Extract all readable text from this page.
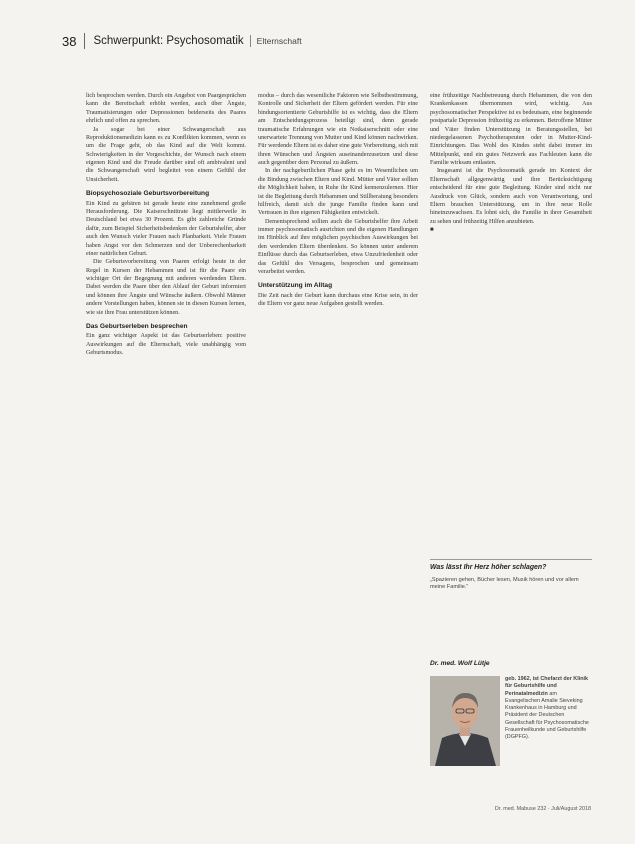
38 Schwerpunkt: Psychosomatik Elternschaft

lich besprochen werden. Durch ein Angebot von Paargesprächen kann die Bereitschaft erhöht werden, auch über Ängste, Traumatisierungen oder Depressionen beiderseits des Paares ehrlich und offen zu sprechen.

Ja sogar bei einer Schwangerschaft aus Reproduktionsmedizin kann es zu Konflikten kommen, wenn es um die Frage geht, ob das Kind auf die Welt kommt. Schwierigkeiten in der Vorgeschichte, der Wunsch nach einem eigenen Kind und die Freude darüber sind oft ambivalent und die Schwangerschaft wird begleitet von einem Gefühl der Unsicherheit.

Biopsychosoziale Geburtsvorbereitung

Ein Kind zu gebären ist gerade heute eine zunehmend große Herausforderung. Die Kaiserschnittrate liegt mittlerweile in Deutschland bei etwa 30 Prozent. Es gibt zahlreiche Gründe dafür, zum Beispiel Sicherheitsbedenken der Geburtshelfer, aber auch den Wunsch vieler Frauen nach Planbarkeit. Viele Frauen haben Angst vor den Schmerzen und der Unberechenbarkeit einer natürlichen Geburt.

Die Geburtsvorbereitung von Paaren erfolgt heute in der Regel in Kursen der Hebammen und ist für die Paare ein wichtiger Ort der Begegnung mit anderen werdenden Eltern. Dabei werden die Paare über den Ablauf der Geburt informiert und können ihre Ängste und Wünsche äußern. Obwohl Männer andere Vorstellungen haben, können sie in diesen Kursen lernen, wie sie ihre Frau unterstützen können.

Das Geburtserleben besprechen

Ein ganz wichtiger Aspekt ist das Geburtserleben: positive Auswirkungen auf die Elternschaft, viele unabhängig vom Geburtsmodus.

modus – durch das wesentliche Faktoren wie Selbstbestimmung, Kontrolle und Sicherheit der Eltern gefördert werden. Für eine bindungsorientierte Geburtshilfe ist es wichtig, dass die Eltern am Entscheidungsprozess beteiligt sind, denn gerade traumatische Erfahrungen wie ein Notkaiserschnitt oder eine unerwartete Trennung von Mutter und Kind können nachwirken. Für werdende Eltern ist es daher eine gute Vorbereitung, sich mit ihren Wünschen und Ängsten auseinanderzusetzen und diese auch gegenüber dem Personal zu äußern.

In der nachgeburtlichen Phase geht es im Wesentlichen um die Bindung zwischen Eltern und Kind. Mütter und Väter sollten die Möglichkeit haben, in Ruhe ihr Kind kennenzulernen. Hier ist die Begleitung durch Hebammen und Stillberatung besonders hilfreich, damit sich die junge Familie finden kann und Vertrauen in ihre eigenen Fähigkeiten entwickelt.

Dementsprechend sollten auch die Geburtshelfer ihre Arbeit immer psychosomatisch ausrichten und die eigenen Handlungen im Hinblick auf ihre möglichen psychischen Auswirkungen bei den werdenden Eltern überdenken. So können unter anderem Einflüsse durch das Geburtserleben, etwa Unzufriedenheit oder das Gefühl des Versagens, besprochen und gemeinsam verarbeitet werden.

Unterstützung im Alltag

Die Zeit nach der Geburt kann durchaus eine Krise sein, in der die Eltern vor ganz neue Aufgaben gestellt werden.

eine frühzeitige Nachbetreuung durch Hebammen, die von den Krankenkassen übernommen wird, wichtig. Aus psychosomatischer Perspektive ist es bedeutsam, eine beginnende postpartale Depression frühzeitig zu erkennen. Betroffene Mütter und Väter finden Unterstützung in Beratungsstellen, bei niedergelassenen Psychotherapeuten oder in Mutter-Kind-Einrichtungen. Das Wohl des Kindes steht dabei immer im Mittelpunkt, und ein gutes Netzwerk aus Fachleuten kann die Familie wirksam entlasten.

Insgesamt ist die Psychosomatik gerade im Kontext der Elternschaft allgegenwärtig und ihre Berücksichtigung entscheidend für eine gute Begleitung. Kinder sind nicht nur Ausdruck von Glück, sondern auch von Verantwortung, und Eltern brauchen Unterstützung, um in ihre neue Rolle hineinzuwachsen. Es lohnt sich, die Familie in ihrer Gesamtheit zu sehen und frühzeitig Hilfen anzubieten.

■
Was lässt Ihr Herz höher schlagen?
„Spazieren gehen, Bücher lesen, Musik hören und vor allem meine Familie.“
Dr. med. Wolf Lütje
geb. 1962, ist Chefarzt der Klinik für Geburtshilfe und Perinatalmedizin am Evangelischen Amalie Sieveking Krankenhaus in Hamburg und Präsident der Deutschen Gesellschaft für Psychosomatische Frauenheilkunde und Geburtshilfe (DGPFG).
Dr. med. Mabuse 232 · Juli/August 2018
